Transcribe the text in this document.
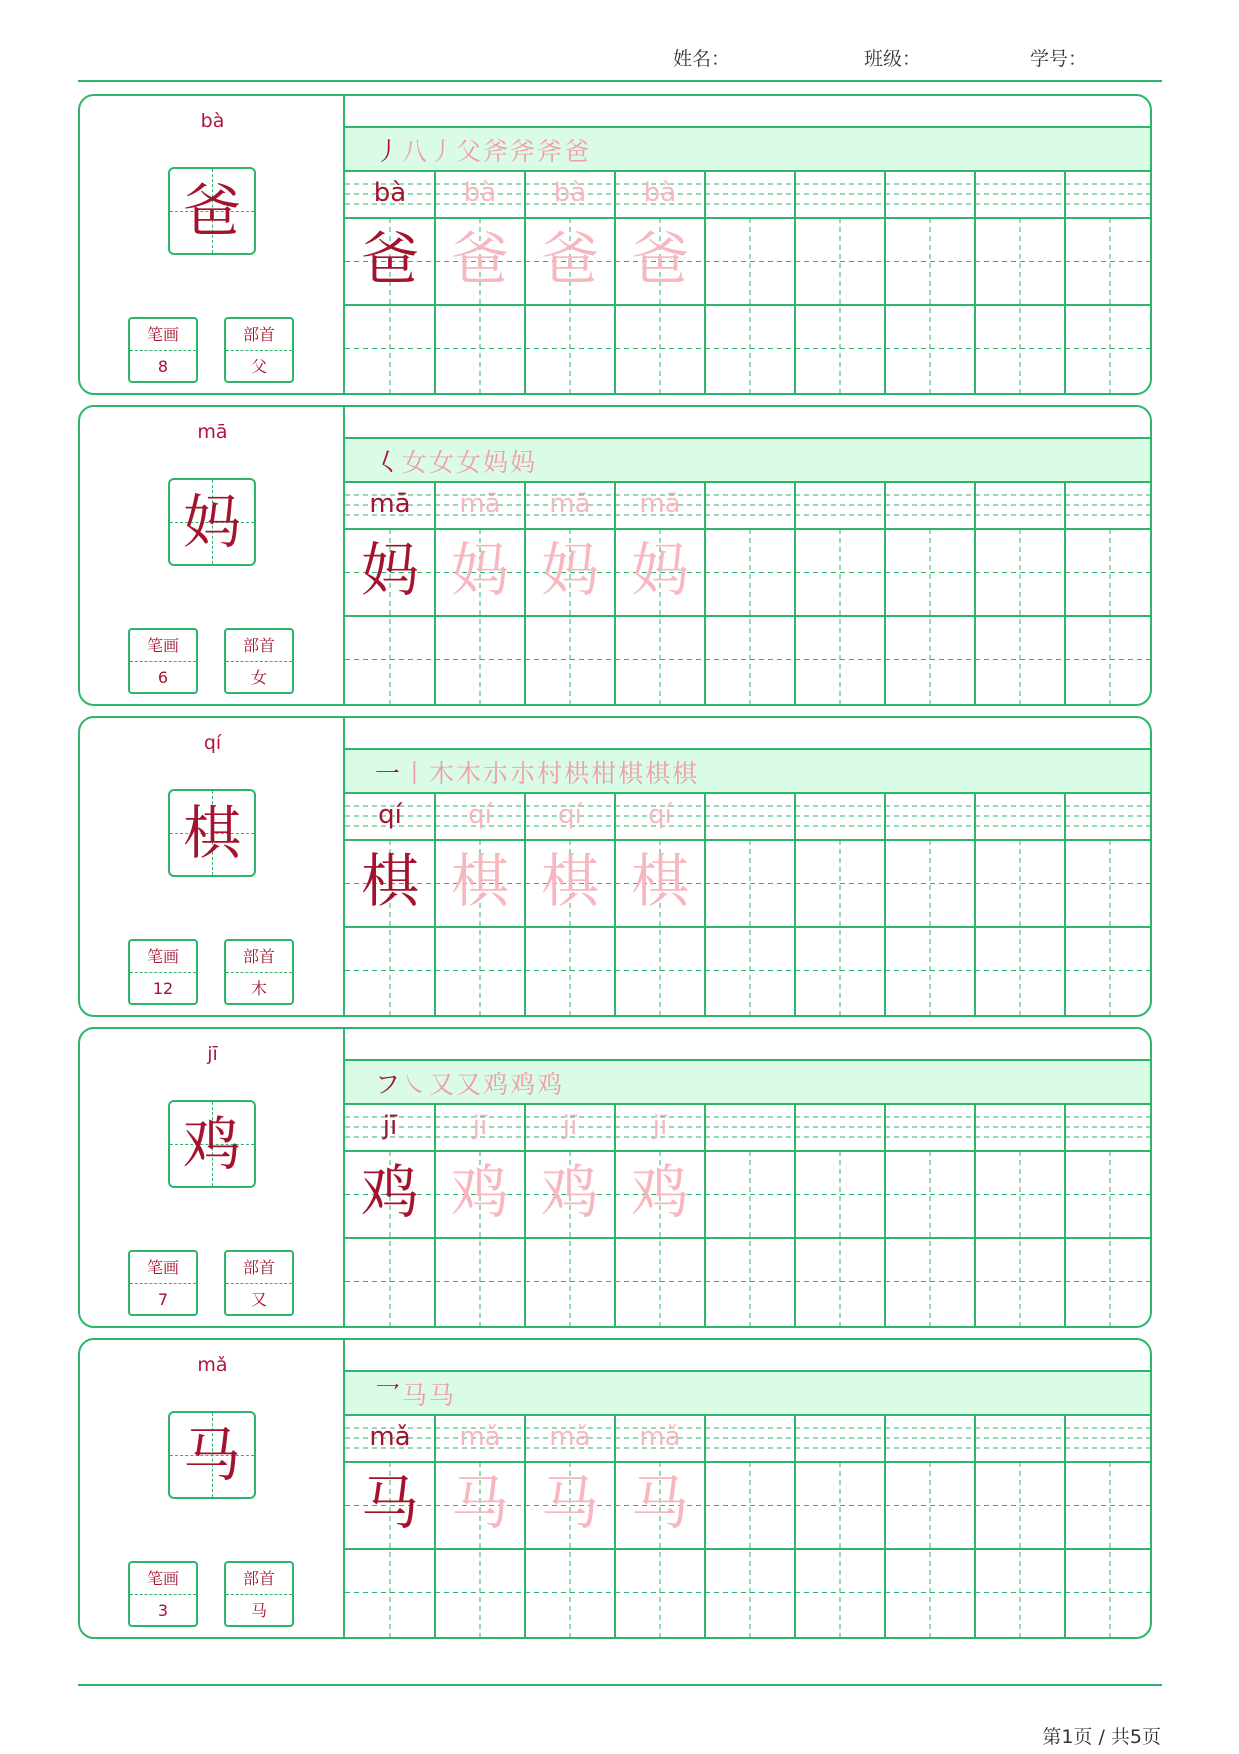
姓名：	班级：	学号：
bà
爸
笔画
8
部首
父
丿八丿父斧斧斧爸
bà
爸
bà
爸
bà
爸
bà
爸
mā
妈
笔画
6
部首
女
𡿨女女女妈妈
mā
妈
mā
妈
mā
妈
mā
妈
qí
棋
笔画
12
部首
木
一丨木木朩朩村栱柑棋棋棋
qí
棋
qí
棋
qí
棋
qí
棋
jī
鸡
笔画
7
部首
又
フ㇏又又鸡鸡鸡
jī
鸡
jī
鸡
jī
鸡
jī
鸡
mǎ
马
笔画
3
部首
马
乛马马
mǎ
马
mǎ
马
mǎ
马
mǎ
马
第1页 / 共5页
